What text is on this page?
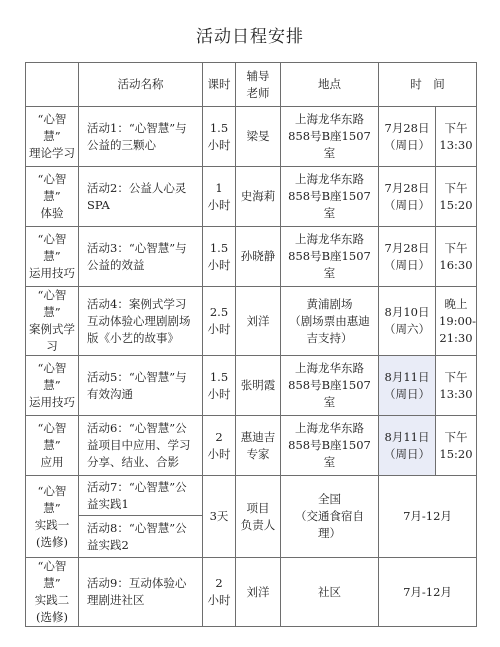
活动日程安排
	活动名称	课时	辅导
老师	地点	时　间	
“心智慧”
理论学习	活动1：“心智慧”与
公益的三颗心	1.5
小时	梁旻	上海龙华东路
858号B座1507室	7月28日
（周日）	下午
13:30
“心智慧”
体验	活动2：公益人心灵
SPA	1
小时	史海莉	上海龙华东路
858号B座1507室	7月28日
（周日）	下午
15:20
“心智慧”
运用技巧	活动3：“心智慧”与
公益的效益	1.5
小时	孙晓静	上海龙华东路
858号B座1507室	7月28日
（周日）	下午
16:30
“心智慧”
案例式学
习	活动4：案例式学习
互动体验心理剧剧场
版《小艺的故事》	2.5
小时	刘洋	黄浦剧场
（剧场票由惠迪
吉支持）	8月10日
（周六）	晚上
19:00-
21:30
“心智慧”
运用技巧	活动5：“心智慧”与
有效沟通	1.5
小时	张明霞	上海龙华东路
858号B座1507室	8月11日
（周日）	下午
13:30
“心智慧”
应用	活动6：“心智慧”公
益项目中应用、学习
分享、结业、合影	2
小时	惠迪吉
专家	上海龙华东路
858号B座1507室	8月11日
（周日）	下午
15:20
“心智慧”
实践一
(选修)	活动7：“心智慧”公
益实践1	3天	项目
负责人	全国
（交通食宿自
理）	7月-12月	
	活动8：“心智慧”公
益实践2					
“心智慧”
实践二
(选修)	活动9：互动体验心
理剧进社区	2
小时	刘洋	社区	7月-12月	
